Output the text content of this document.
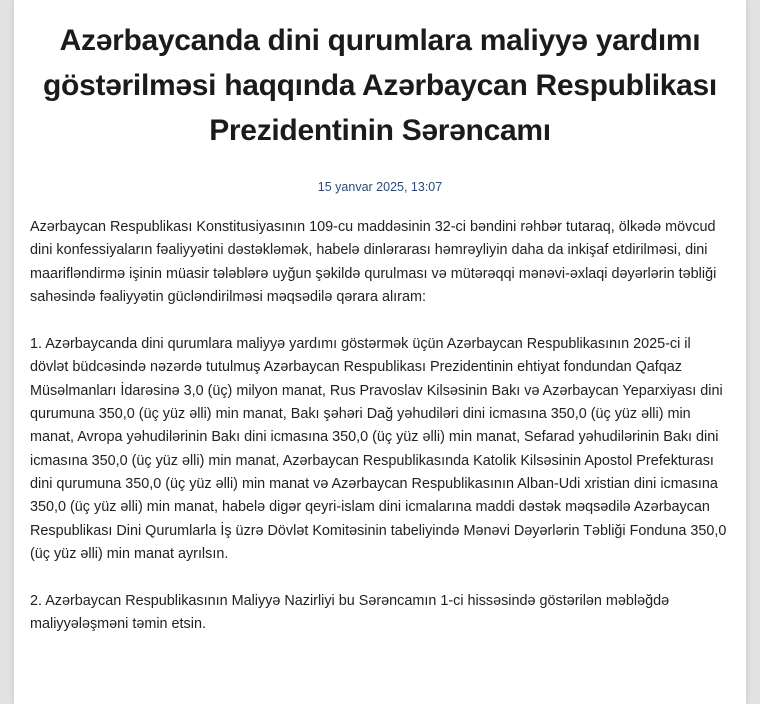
Azərbaycanda dini qurumlara maliyyə yardımı göstərilməsi haqqında Azərbaycan Respublikası Prezidentinin Sərəncamı
15 yanvar 2025, 13:07

Azərbaycan Respublikası Konstitusiyasının 109-cu maddəsinin 32-ci bəndini rəhbər tutaraq, ölkədə mövcud dini konfessiyaların fəaliyyətini dəstəkləmək, habelə dinlərarası həmrəyliyin daha da inkişaf etdirilməsi, dini maarifləndirmə işinin müasir tələblərə uyğun şəkildə qurulması və mütərəqqi mənəvi-əxlaqi dəyərlərin təbliği sahəsində fəaliyyətin gücləndirilməsi məqsədilə qərara alıram:

1. Azərbaycanda dini qurumlara maliyyə yardımı göstərmək üçün Azərbaycan Respublikasının 2025-ci il dövlət büdcəsində nəzərdə tutulmuş Azərbaycan Respublikası Prezidentinin ehtiyat fondundan Qafqaz Müsəlmanları İdarəsinə 3,0 (üç) milyon manat, Rus Pravoslav Kilsəsinin Bakı və Azərbaycan Yeparxiyası dini qurumuna 350,0 (üç yüz əlli) min manat, Bakı şəhəri Dağ yəhudiləri dini icmasına 350,0 (üç yüz əlli) min manat, Avropa yəhudilərinin Bakı dini icmasına 350,0 (üç yüz əlli) min manat, Sefarad yəhudilərinin Bakı dini icmasına 350,0 (üç yüz əlli) min manat, Azərbaycan Respublikasında Katolik Kilsəsinin Apostol Prefekturası dini qurumuna 350,0 (üç yüz əlli) min manat və Azərbaycan Respublikasının Alban-Udi xristian dini icmasına 350,0 (üç yüz əlli) min manat, habelə digər qeyri-islam dini icmalarına maddi dəstək məqsədilə Azərbaycan Respublikası Dini Qurumlarla İş üzrə Dövlət Komitəsinin tabeliyində Mənəvi Dəyərlərin Təbliği Fonduna 350,0 (üç yüz əlli) min manat ayrılsın.

2. Azərbaycan Respublikasının Maliyyə Nazirliyi bu Sərəncamın 1-ci hissəsində göstərilən məbləğdə maliyyələşməni təmin etsin.
